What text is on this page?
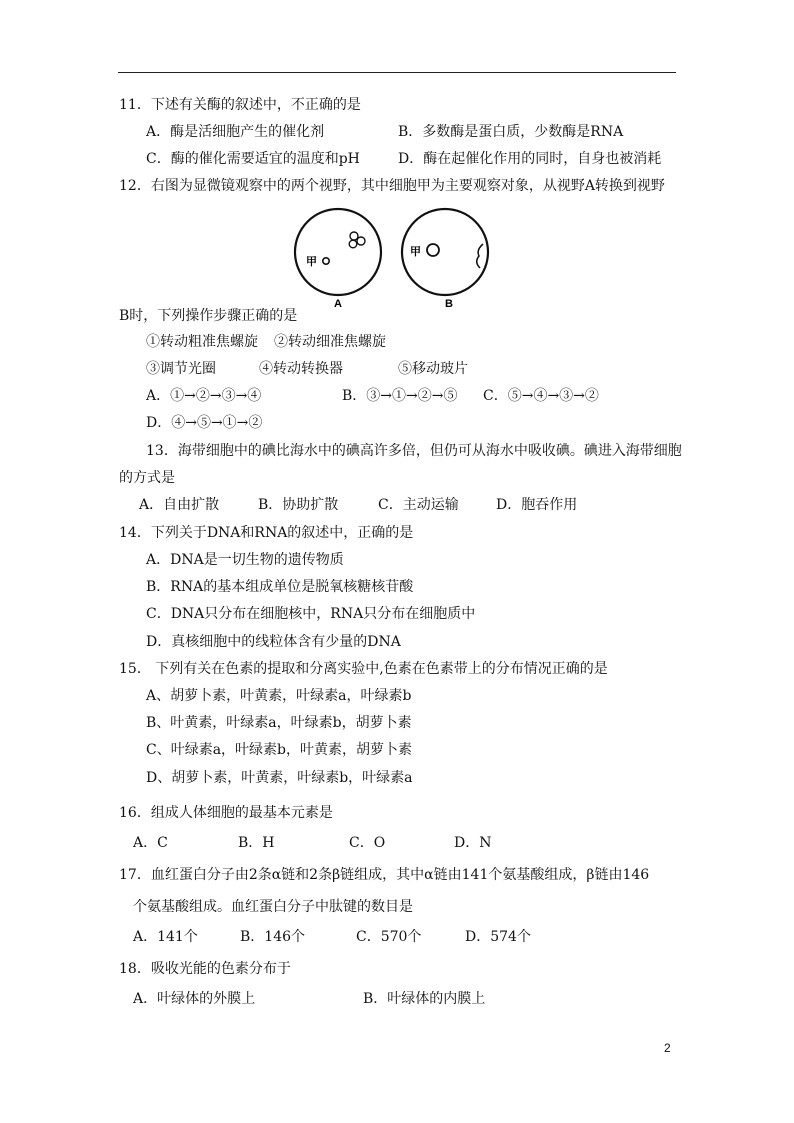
11．下述有关酶的叙述中，不正确的是
A．酶是活细胞产生的催化剂	B．多数酶是蛋白质，少数酶是RNA
C．酶的催化需要适宜的温度和pH	D．酶在起催化作用的同时，自身也被消耗
12．右图为显微镜观察中的两个视野，其中细胞甲为主要观察对象，从视野A转换到视野
甲
A
甲
B
B时，下列操作步骤正确的是
①转动粗准焦螺旋 ②转动细准焦螺旋
③调节光圈	④转动转换器	⑤移动玻片
A．①→②→③→④	B．③→①→②→⑤ C．⑤→④→③→②
D．④→⑤→①→②
13．海带细胞中的碘比海水中的碘高许多倍，但仍可从海水中吸收碘。碘进入海带细胞
的方式是
A．自由扩散	B．协助扩散	C．主动运输	D．胞吞作用
14．下列关于DNA和RNA的叙述中，正确的是
A．DNA是一切生物的遗传物质
B．RNA的基本组成单位是脱氧核糖核苷酸
C．DNA只分布在细胞核中，RNA只分布在细胞质中
D．真核细胞中的线粒体含有少量的DNA
15． 下列有关在色素的提取和分离实验中,色素在色素带上的分布情况正确的是
A、胡萝卜素，叶黄素，叶绿素a，叶绿素b
B、叶黄素，叶绿素a，叶绿素b，胡萝卜素
C、叶绿素a，叶绿素b，叶黄素，胡萝卜素
D、胡萝卜素，叶黄素，叶绿素b，叶绿素a
16．组成人体细胞的最基本元素是
A．C	B．H	C．O	D．N
17．血红蛋白分子由2条α链和2条β链组成，其中α链由141个氨基酸组成，β链由146
个氨基酸组成。血红蛋白分子中肽键的数目是
A．141个	B．146个	C．570个	D．574个
18．吸收光能的色素分布于
A．叶绿体的外膜上	B．叶绿体的内膜上
2
